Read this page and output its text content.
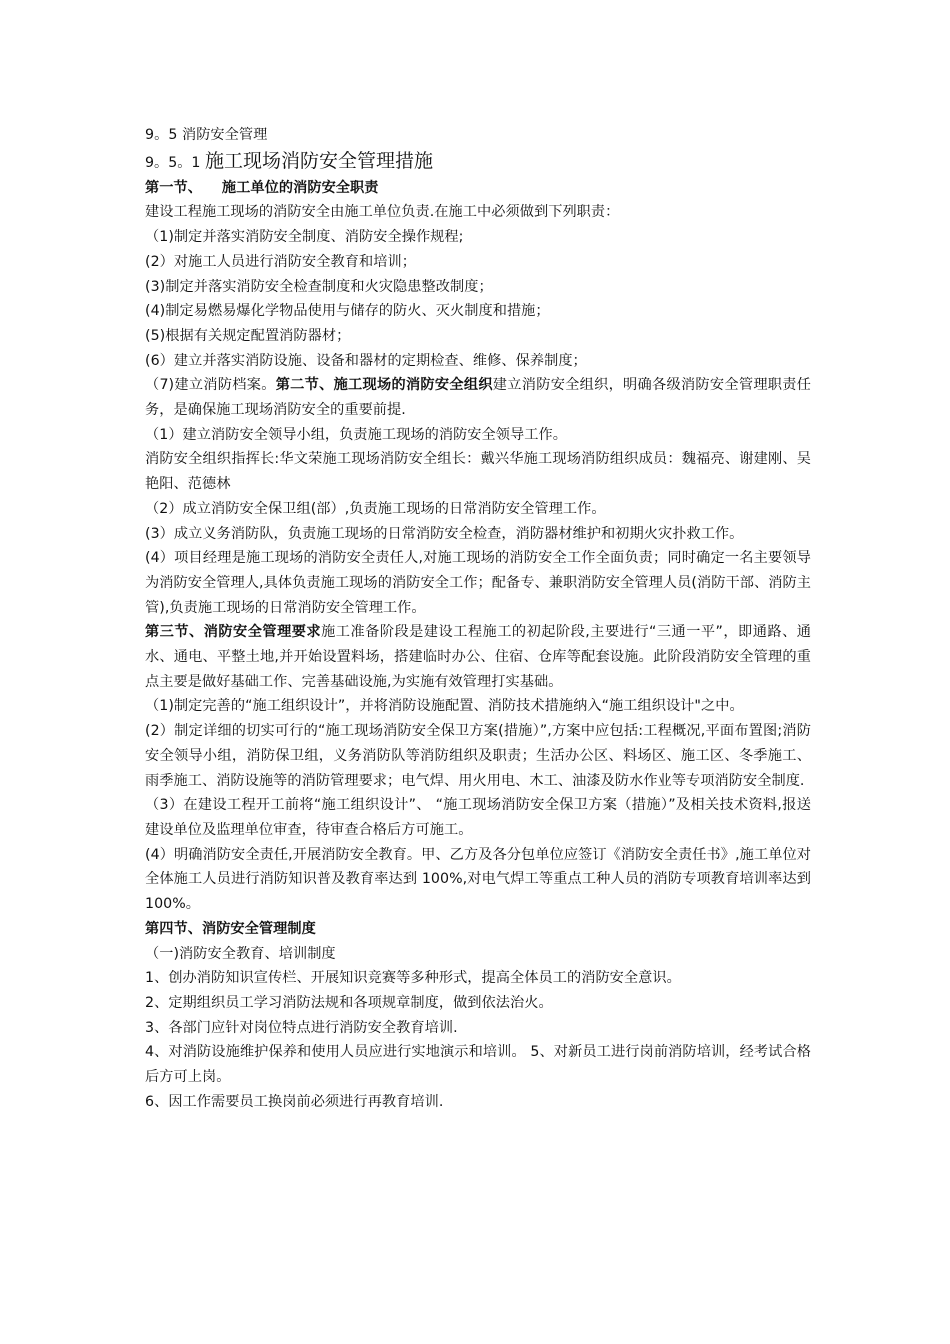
9。5 消防安全管理
9。5。1 施工现场消防安全管理措施
第一节、    施工单位的消防安全职责
建设工程施工现场的消防安全由施工单位负责.在施工中必须做到下列职责：
（1)制定并落实消防安全制度、消防安全操作规程;
(2）对施工人员进行消防安全教育和培训；
(3)制定并落实消防安全检查制度和火灾隐患整改制度；
(4)制定易燃易爆化学物品使用与储存的防火、灭火制度和措施；
(5)根据有关规定配置消防器材；
(6）建立并落实消防设施、设备和器材的定期检查、维修、保养制度；
（7)建立消防档案。第二节、施工现场的消防安全组织建立消防安全组织，明确各级消防安全管理职责任务，是确保施工现场消防安全的重要前提.
（1）建立消防安全领导小组，负责施工现场的消防安全领导工作。
消防安全组织指挥长:华文荣施工现场消防安全组长：戴兴华施工现场消防组织成员：魏福亮、谢建刚、吴艳阳、范德林
（2）成立消防安全保卫组(部）,负责施工现场的日常消防安全管理工作。
(3）成立义务消防队，负责施工现场的日常消防安全检查，消防器材维护和初期火灾扑救工作。
(4）项目经理是施工现场的消防安全责任人,对施工现场的消防安全工作全面负责；同时确定一名主要领导为消防安全管理人,具体负责施工现场的消防安全工作；配备专、兼职消防安全管理人员(消防干部、消防主管),负责施工现场的日常消防安全管理工作。
第三节、消防安全管理要求施工准备阶段是建设工程施工的初起阶段,主要进行“三通一平”，即通路、通水、通电、平整土地,并开始设置料场，搭建临时办公、住宿、仓库等配套设施。此阶段消防安全管理的重点主要是做好基础工作、完善基础设施,为实施有效管理打实基础。
（1)制定完善的“施工组织设计”，并将消防设施配置、消防技术措施纳入“施工组织设计"之中。
(2）制定详细的切实可行的“施工现场消防安全保卫方案(措施）”,方案中应包括:工程概况,平面布置图;消防安全领导小组，消防保卫组，义务消防队等消防组织及职责；生活办公区、料场区、施工区、冬季施工、雨季施工、消防设施等的消防管理要求；电气焊、用火用电、木工、油漆及防水作业等专项消防安全制度.
（3）在建设工程开工前将“施工组织设计”、 “施工现场消防安全保卫方案（措施）”及相关技术资料,报送建设单位及监理单位审查，待审查合格后方可施工。
(4）明确消防安全责任,开展消防安全教育。甲、乙方及各分包单位应签订《消防安全责任书》,施工单位对全体施工人员进行消防知识普及教育率达到 100%,对电气焊工等重点工种人员的消防专项教育培训率达到100%。
第四节、消防安全管理制度
（一)消防安全教育、培训制度
1、创办消防知识宣传栏、开展知识竞赛等多种形式，提高全体员工的消防安全意识。
2、定期组织员工学习消防法规和各项规章制度，做到依法治火。
3、各部门应针对岗位特点进行消防安全教育培训.
4、对消防设施维护保养和使用人员应进行实地演示和培训。 5、对新员工进行岗前消防培训，经考试合格后方可上岗。
6、因工作需要员工换岗前必须进行再教育培训.
